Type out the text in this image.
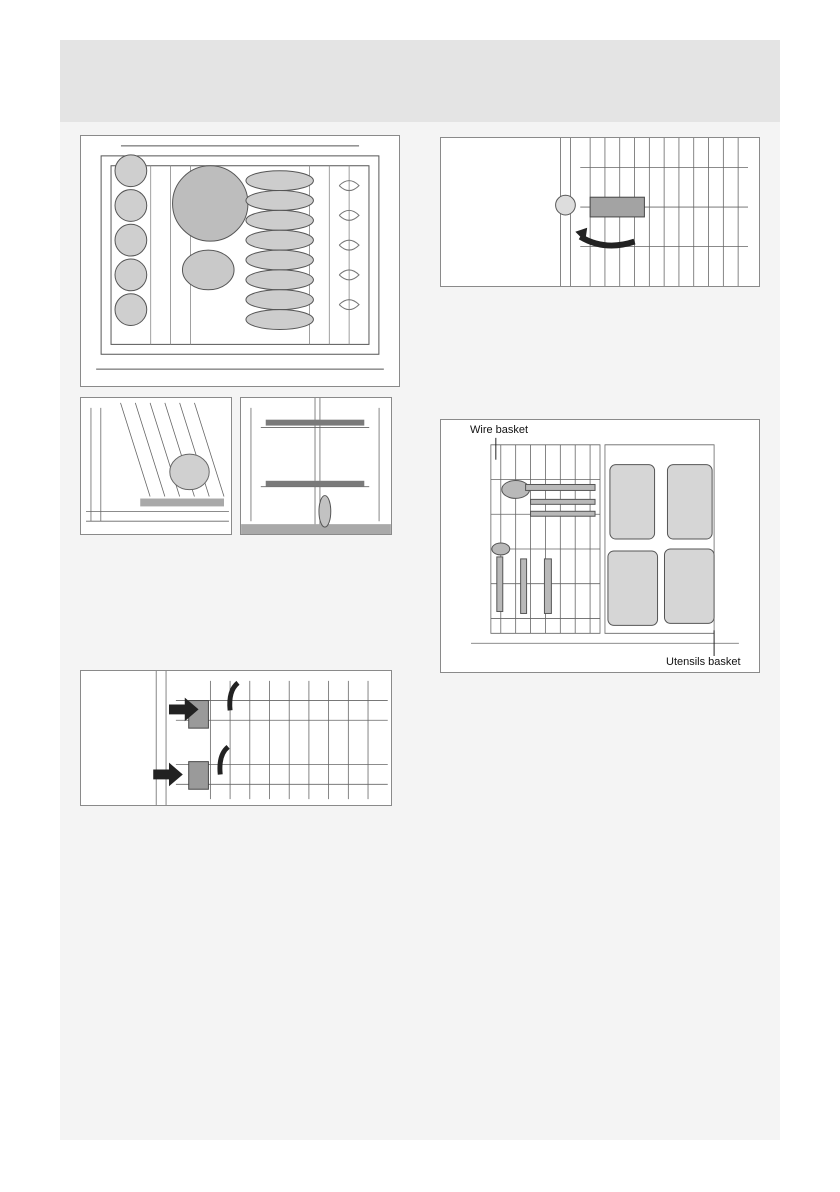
Wire basket
Utensils basket
